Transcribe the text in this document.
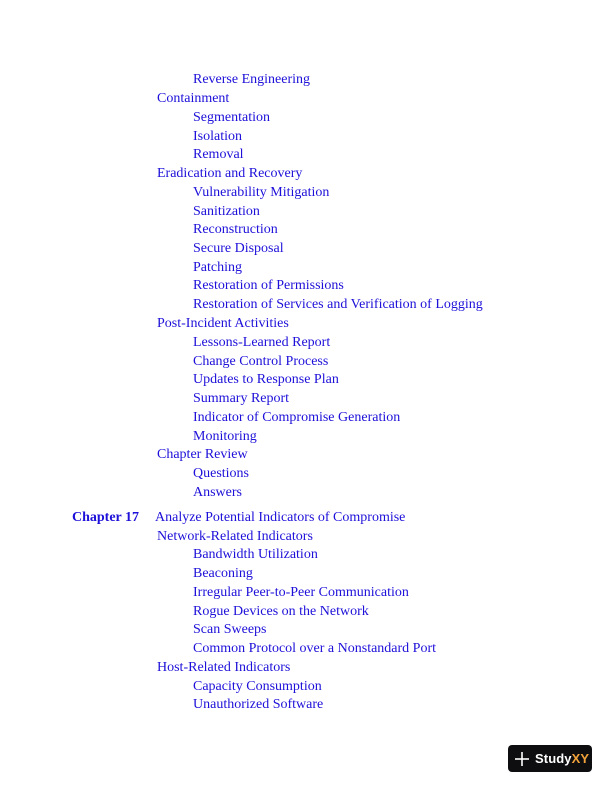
Reverse Engineering
Containment
Segmentation
Isolation
Removal
Eradication and Recovery
Vulnerability Mitigation
Sanitization
Reconstruction
Secure Disposal
Patching
Restoration of Permissions
Restoration of Services and Verification of Logging
Post-Incident Activities
Lessons-Learned Report
Change Control Process
Updates to Response Plan
Summary Report
Indicator of Compromise Generation
Monitoring
Chapter Review
Questions
Answers
Chapter 17 Analyze Potential Indicators of Compromise
Network-Related Indicators
Bandwidth Utilization
Beaconing
Irregular Peer-to-Peer Communication
Rogue Devices on the Network
Scan Sweeps
Common Protocol over a Nonstandard Port
Host-Related Indicators
Capacity Consumption
Unauthorized Software
StudyXY
